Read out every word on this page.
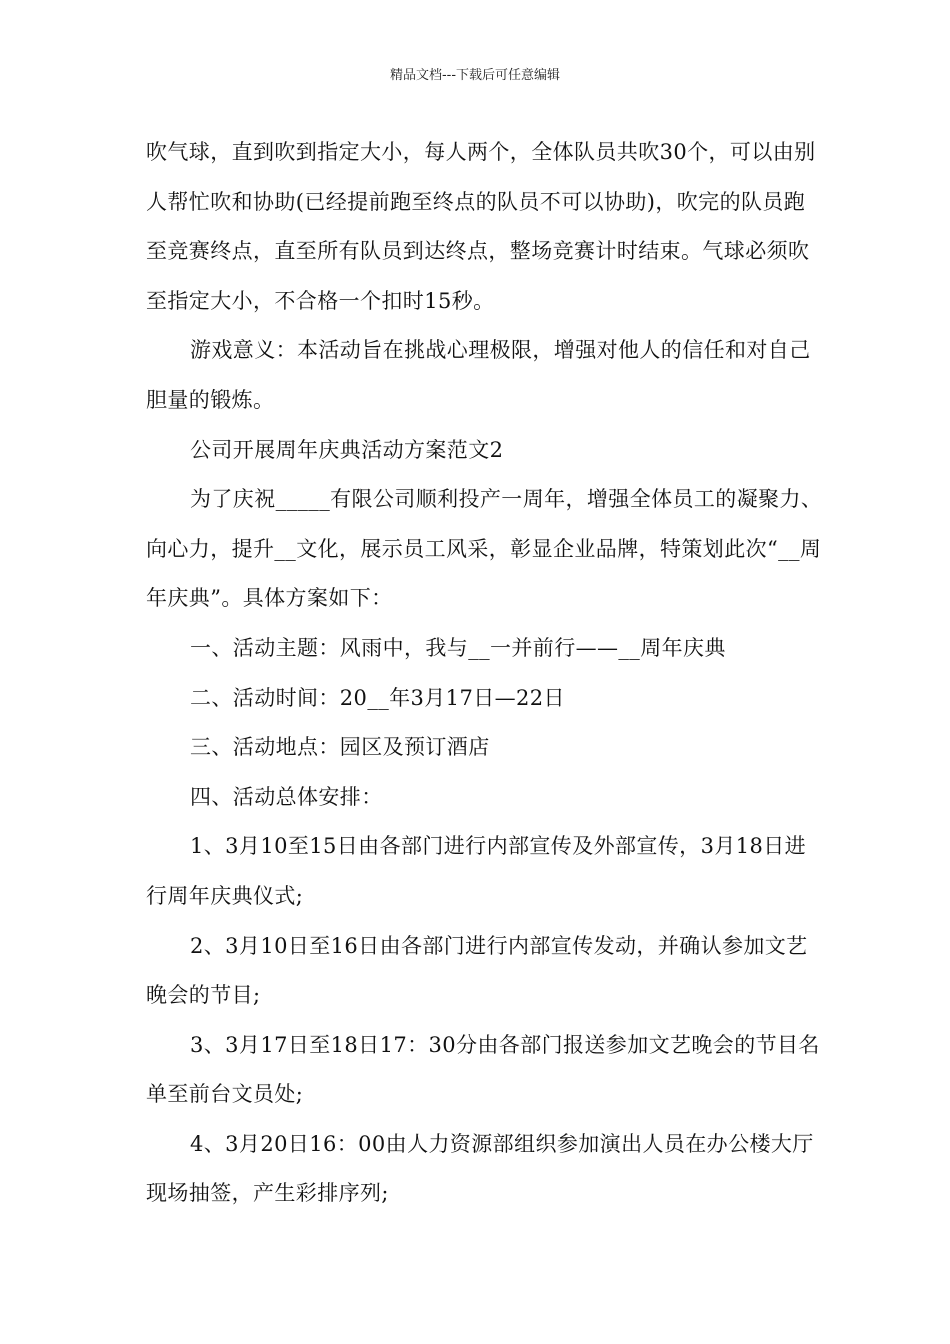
精品文档---下载后可任意编辑

吹气球，直到吹到指定大小，每人两个，全体队员共吹30个，可以由别人帮忙吹和协助(已经提前跑至终点的队员不可以协助)，吹完的队员跑至竞赛终点，直至所有队员到达终点，整场竞赛计时结束。气球必须吹至指定大小，不合格一个扣时15秒。

游戏意义：本活动旨在挑战心理极限，增强对他人的信任和对自己胆量的锻炼。

公司开展周年庆典活动方案范文2

为了庆祝_____有限公司顺利投产一周年，增强全体员工的凝聚力、向心力，提升__文化，展示员工风采，彰显企业品牌，特策划此次“__周年庆典”。具体方案如下：

一、活动主题：风雨中，我与__一并前行——__周年庆典

二、活动时间：20__年3月17日—22日

三、活动地点：园区及预订酒店

四、活动总体安排：

1、3月10至15日由各部门进行内部宣传及外部宣传，3月18日进行周年庆典仪式;

2、3月10日至16日由各部门进行内部宣传发动，并确认参加文艺晚会的节目;

3、3月17日至18日17：30分由各部门报送参加文艺晚会的节目名单至前台文员处;

4、3月20日16：00由人力资源部组织参加演出人员在办公楼大厅现场抽签，产生彩排序列;
